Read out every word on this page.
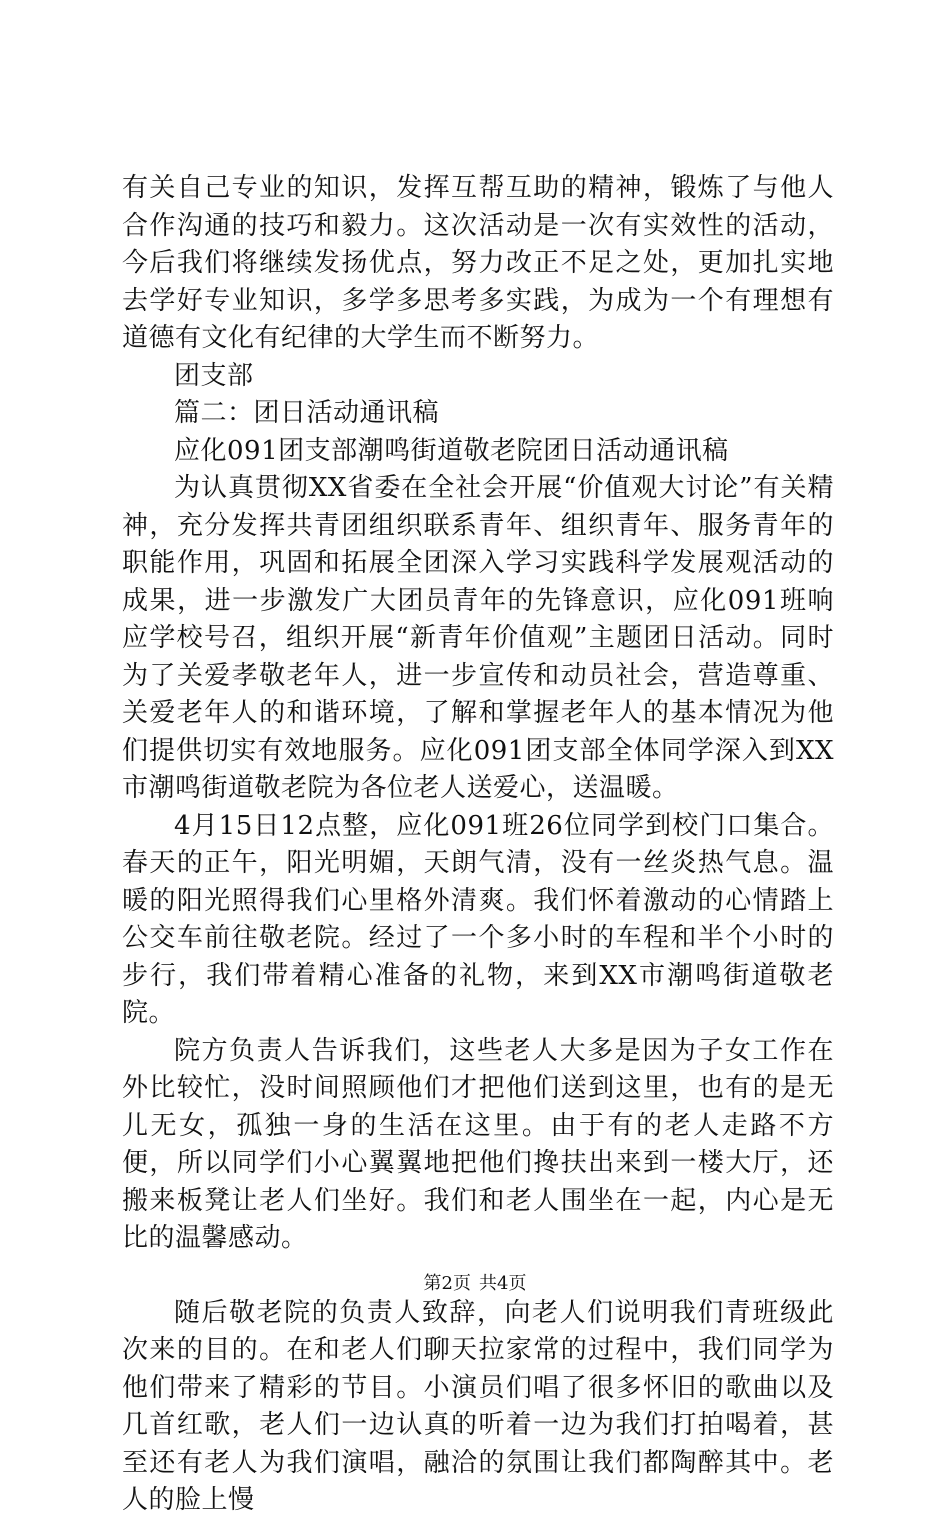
有关自己专业的知识，发挥互帮互助的精神，锻炼了与他人合作沟通的技巧和毅力。这次活动是一次有实效性的活动，今后我们将继续发扬优点，努力改正不足之处，更加扎实地去学好专业知识，多学多思考多实践，为成为一个有理想有道德有文化有纪律的大学生而不断努力。

团支部

篇二：团日活动通讯稿

应化091团支部潮鸣街道敬老院团日活动通讯稿

为认真贯彻XX省委在全社会开展“价值观大讨论”有关精神，充分发挥共青团组织联系青年、组织青年、服务青年的职能作用，巩固和拓展全团深入学习实践科学发展观活动的成果，进一步激发广大团员青年的先锋意识，应化091班响应学校号召，组织开展“新青年价值观”主题团日活动。同时为了关爱孝敬老年人，进一步宣传和动员社会，营造尊重、关爱老年人的和谐环境，了解和掌握老年人的基本情况为他们提供切实有效地服务。应化091团支部全体同学深入到XX市潮鸣街道敬老院为各位老人送爱心，送温暖。

4月15日12点整，应化091班26位同学到校门口集合。春天的正午，阳光明媚，天朗气清，没有一丝炎热气息。温暖的阳光照得我们心里格外清爽。我们怀着激动的心情踏上公交车前往敬老院。经过了一个多小时的车程和半个小时的步行，我们带着精心准备的礼物，来到XX市潮鸣街道敬老院。

院方负责人告诉我们，这些老人大多是因为子女工作在外比较忙，没时间照顾他们才把他们送到这里，也有的是无儿无女，孤独一身的生活在这里。由于有的老人走路不方便，所以同学们小心翼翼地把他们搀扶出来到一楼大厅，还搬来板凳让老人们坐好。我们和老人围坐在一起，内心是无比的温馨感动。

随后敬老院的负责人致辞，向老人们说明我们青班级此次来的目的。在和老人们聊天拉家常的过程中，我们同学为他们带来了精彩的节目。小演员们唱了很多怀旧的歌曲以及几首红歌，老人们一边认真的听着一边为我们打拍喝着，甚至还有老人为我们演唱，融洽的氛围让我们都陶醉其中。老人的脸上慢

第2页 共4页
